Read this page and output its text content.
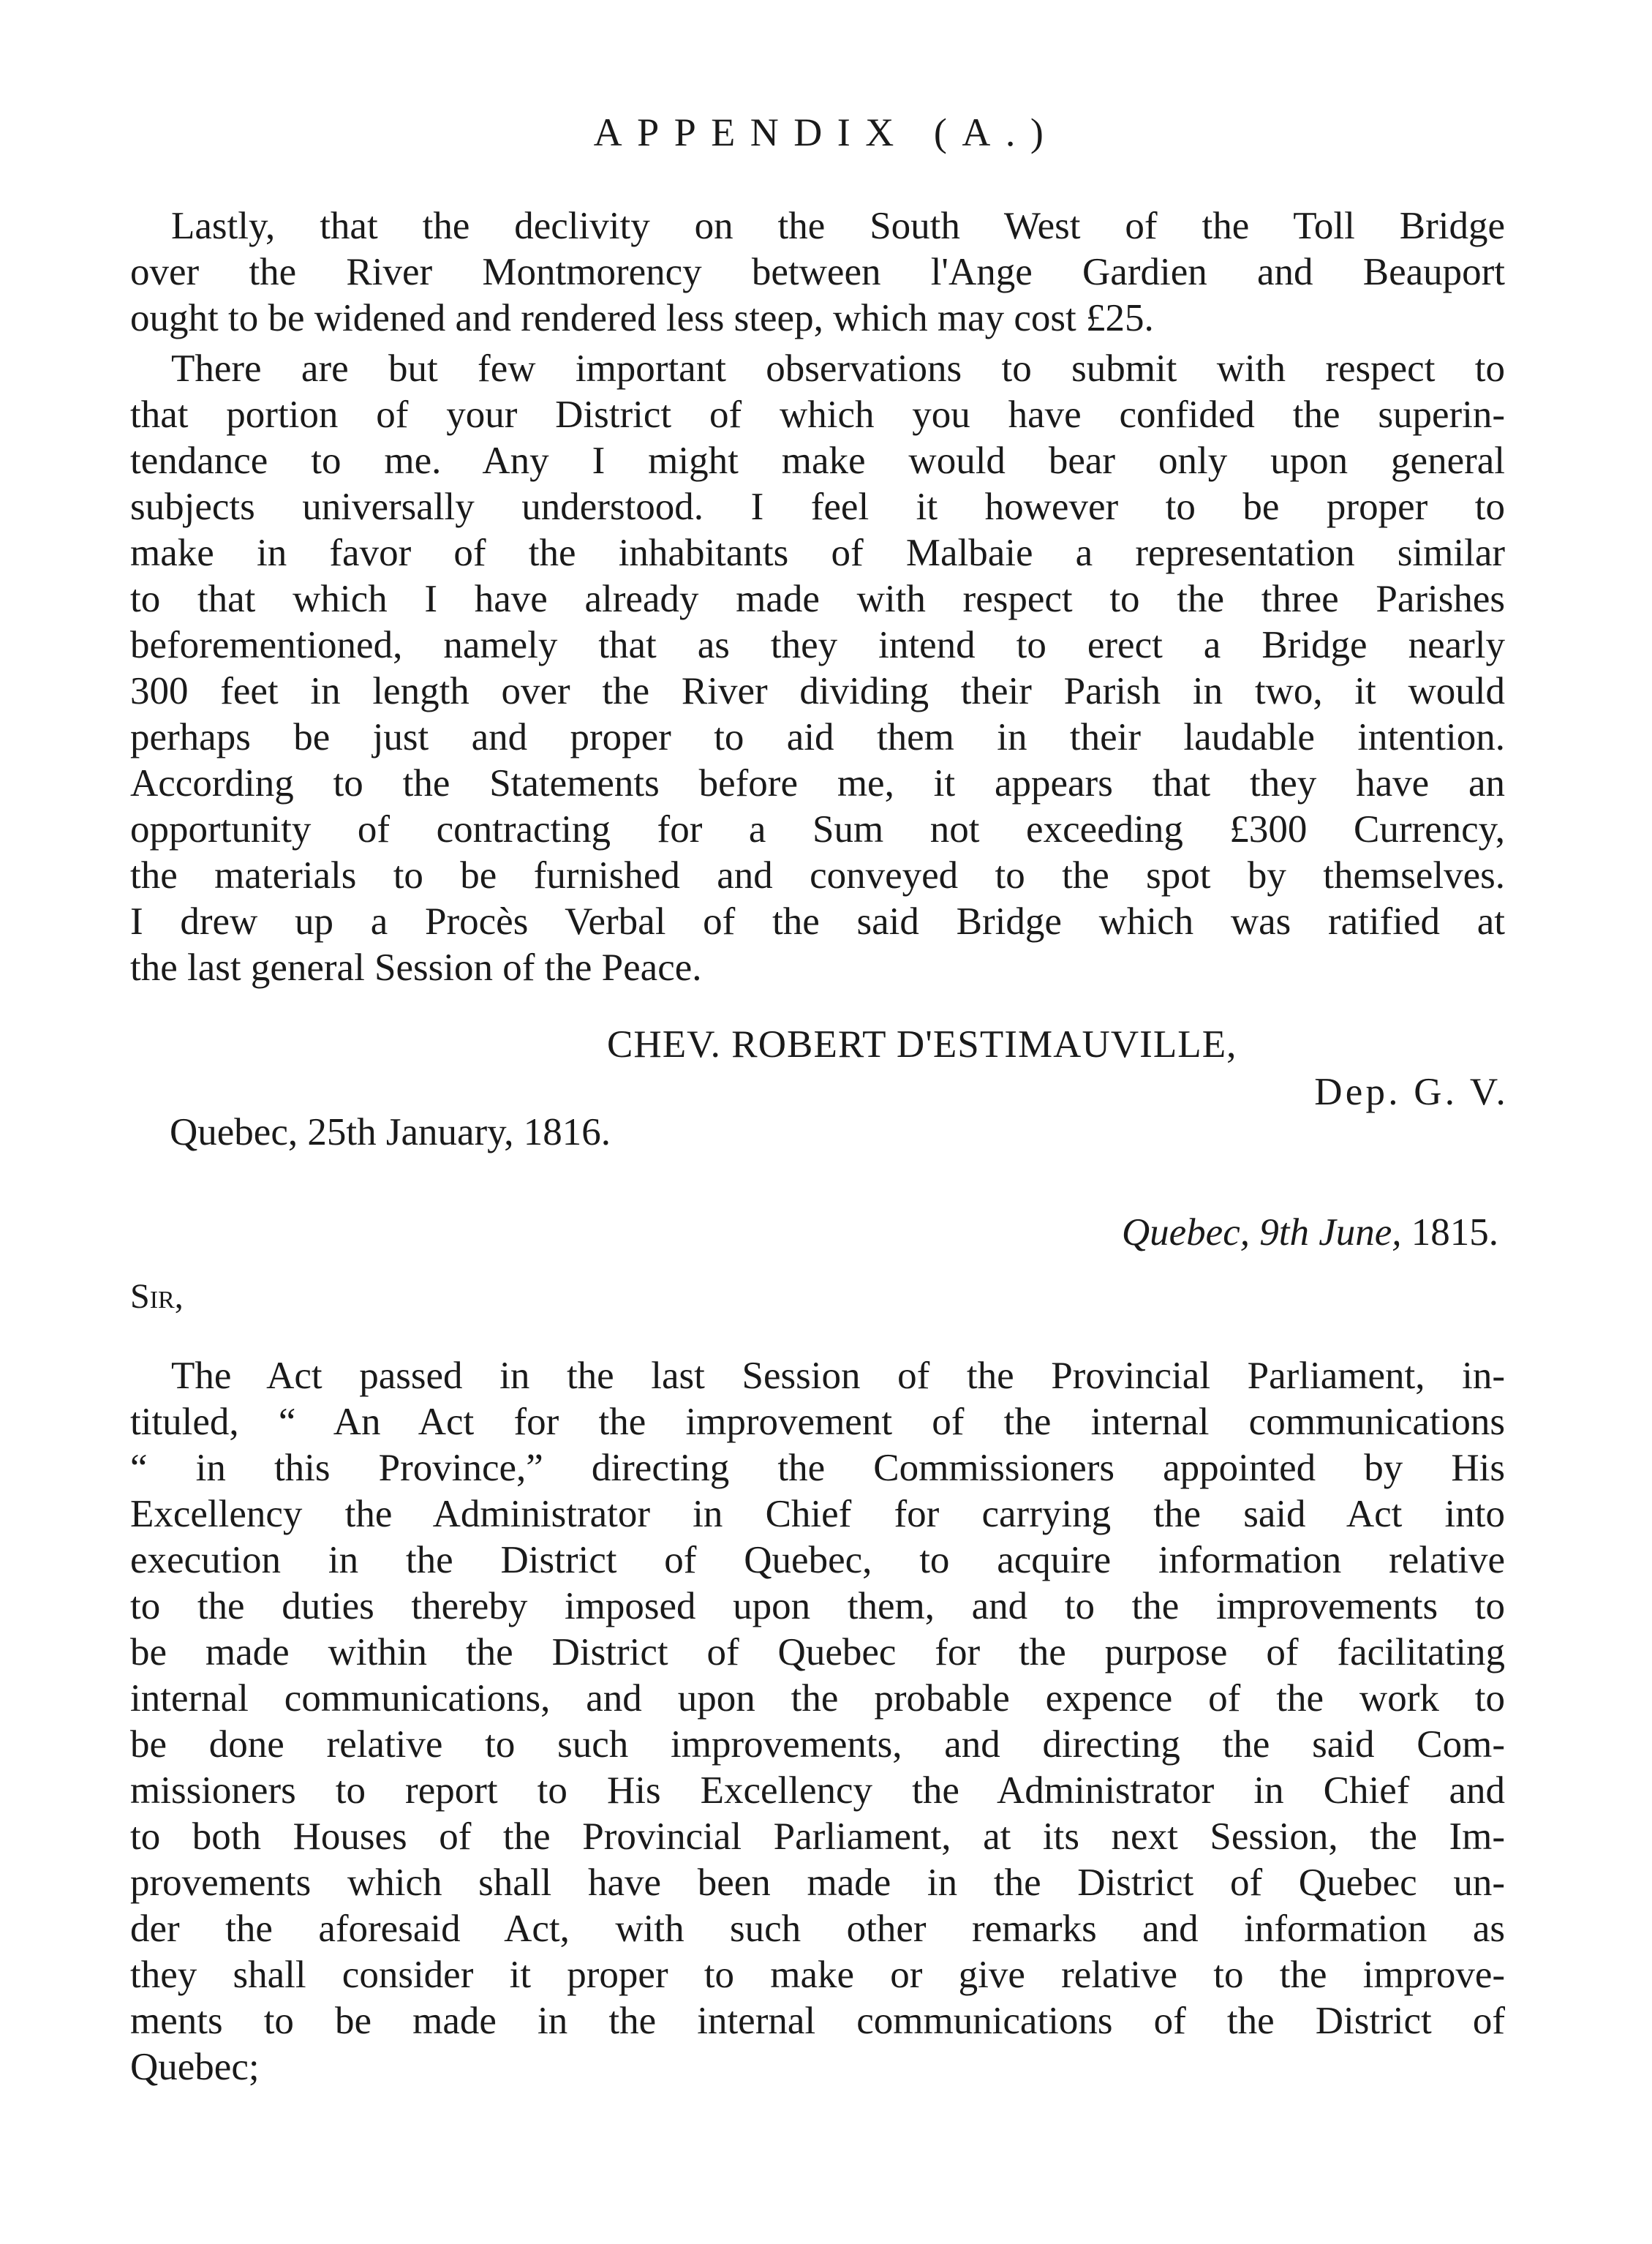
APPENDIX (A.)
Lastly, that the declivity on the South West of the Toll Bridge
over the River Montmorency between l'Ange Gardien and Beauport
ought to be widened and rendered less steep, which may cost £25.
There are but few important observations to submit with respect to
that portion of your District of which you have confided the superin-
tendance to me. Any I might make would bear only upon general
subjects universally understood. I feel it however to be proper to
make in favor of the inhabitants of Malbaie a representation similar
to that which I have already made with respect to the three Parishes
beforementioned, namely that as they intend to erect a Bridge nearly
300 feet in length over the River dividing their Parish in two, it would
perhaps be just and proper to aid them in their laudable intention.
According to the Statements before me, it appears that they have an
opportunity of contracting for a Sum not exceeding £300 Currency,
the materials to be furnished and conveyed to the spot by themselves.
I drew up a Procès Verbal of the said Bridge which was ratified at
the last general Session of the Peace.
CHEV. ROBERT D'ESTIMAUVILLE,
Dep. G. V.
Quebec, 25th January, 1816.
Quebec, 9th June, 1815.
Sir,
The Act passed in the last Session of the Provincial Parliament, in-
tituled, “ An Act for the improvement of the internal communications
“ in this Province,” directing the Commissioners appointed by His
Excellency the Administrator in Chief for carrying the said Act into
execution in the District of Quebec, to acquire information relative
to the duties thereby imposed upon them, and to the improvements to
be made within the District of Quebec for the purpose of facilitating
internal communications, and upon the probable expence of the work to
be done relative to such improvements, and directing the said Com-
missioners to report to His Excellency the Administrator in Chief and
to both Houses of the Provincial Parliament, at its next Session, the Im-
provements which shall have been made in the District of Quebec un-
der the aforesaid Act, with such other remarks and information as
they shall consider it proper to make or give relative to the improve-
ments to be made in the internal communications of the District of
Quebec;
